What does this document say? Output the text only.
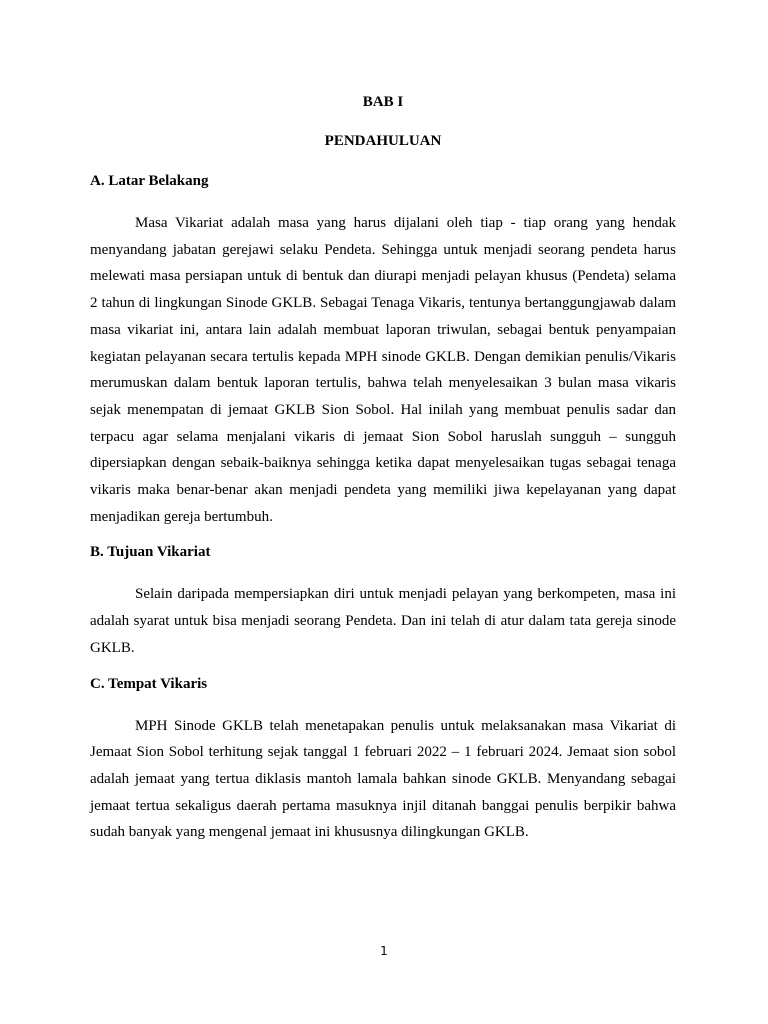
BAB I

PENDAHULUAN

A. Latar Belakang

Masa Vikariat adalah masa yang harus dijalani oleh tiap - tiap orang yang hendak menyandang jabatan gerejawi selaku Pendeta. Sehingga untuk menjadi seorang pendeta harus melewati masa persiapan untuk di bentuk dan diurapi menjadi pelayan khusus (Pendeta) selama 2 tahun di lingkungan Sinode GKLB. Sebagai Tenaga Vikaris, tentunya bertanggungjawab dalam masa vikariat ini, antara lain adalah membuat laporan triwulan, sebagai bentuk penyampaian kegiatan pelayanan secara tertulis kepada MPH sinode GKLB. Dengan demikian penulis/Vikaris merumuskan dalam bentuk laporan tertulis, bahwa telah menyelesaikan 3 bulan masa vikaris sejak menempatan di jemaat GKLB Sion Sobol. Hal inilah yang membuat penulis sadar dan terpacu agar selama menjalani vikaris di jemaat Sion Sobol haruslah sungguh – sungguh dipersiapkan dengan sebaik-baiknya sehingga ketika dapat menyelesaikan tugas sebagai tenaga vikaris maka benar-benar akan menjadi pendeta yang memiliki jiwa kepelayanan yang dapat menjadikan gereja bertumbuh.

B. Tujuan Vikariat

Selain daripada mempersiapkan diri untuk menjadi pelayan yang berkompeten, masa ini adalah syarat untuk bisa menjadi seorang Pendeta. Dan ini telah di atur dalam tata gereja sinode GKLB.

C. Tempat Vikaris

MPH Sinode GKLB telah menetapakan penulis untuk melaksanakan masa Vikariat di Jemaat Sion Sobol terhitung sejak tanggal 1 februari 2022 – 1 februari 2024. Jemaat sion sobol adalah jemaat yang tertua diklasis mantoh lamala bahkan sinode GKLB. Menyandang sebagai jemaat tertua sekaligus daerah pertama masuknya injil ditanah banggai penulis berpikir bahwa sudah banyak yang mengenal jemaat ini khususnya dilingkungan GKLB.

1
